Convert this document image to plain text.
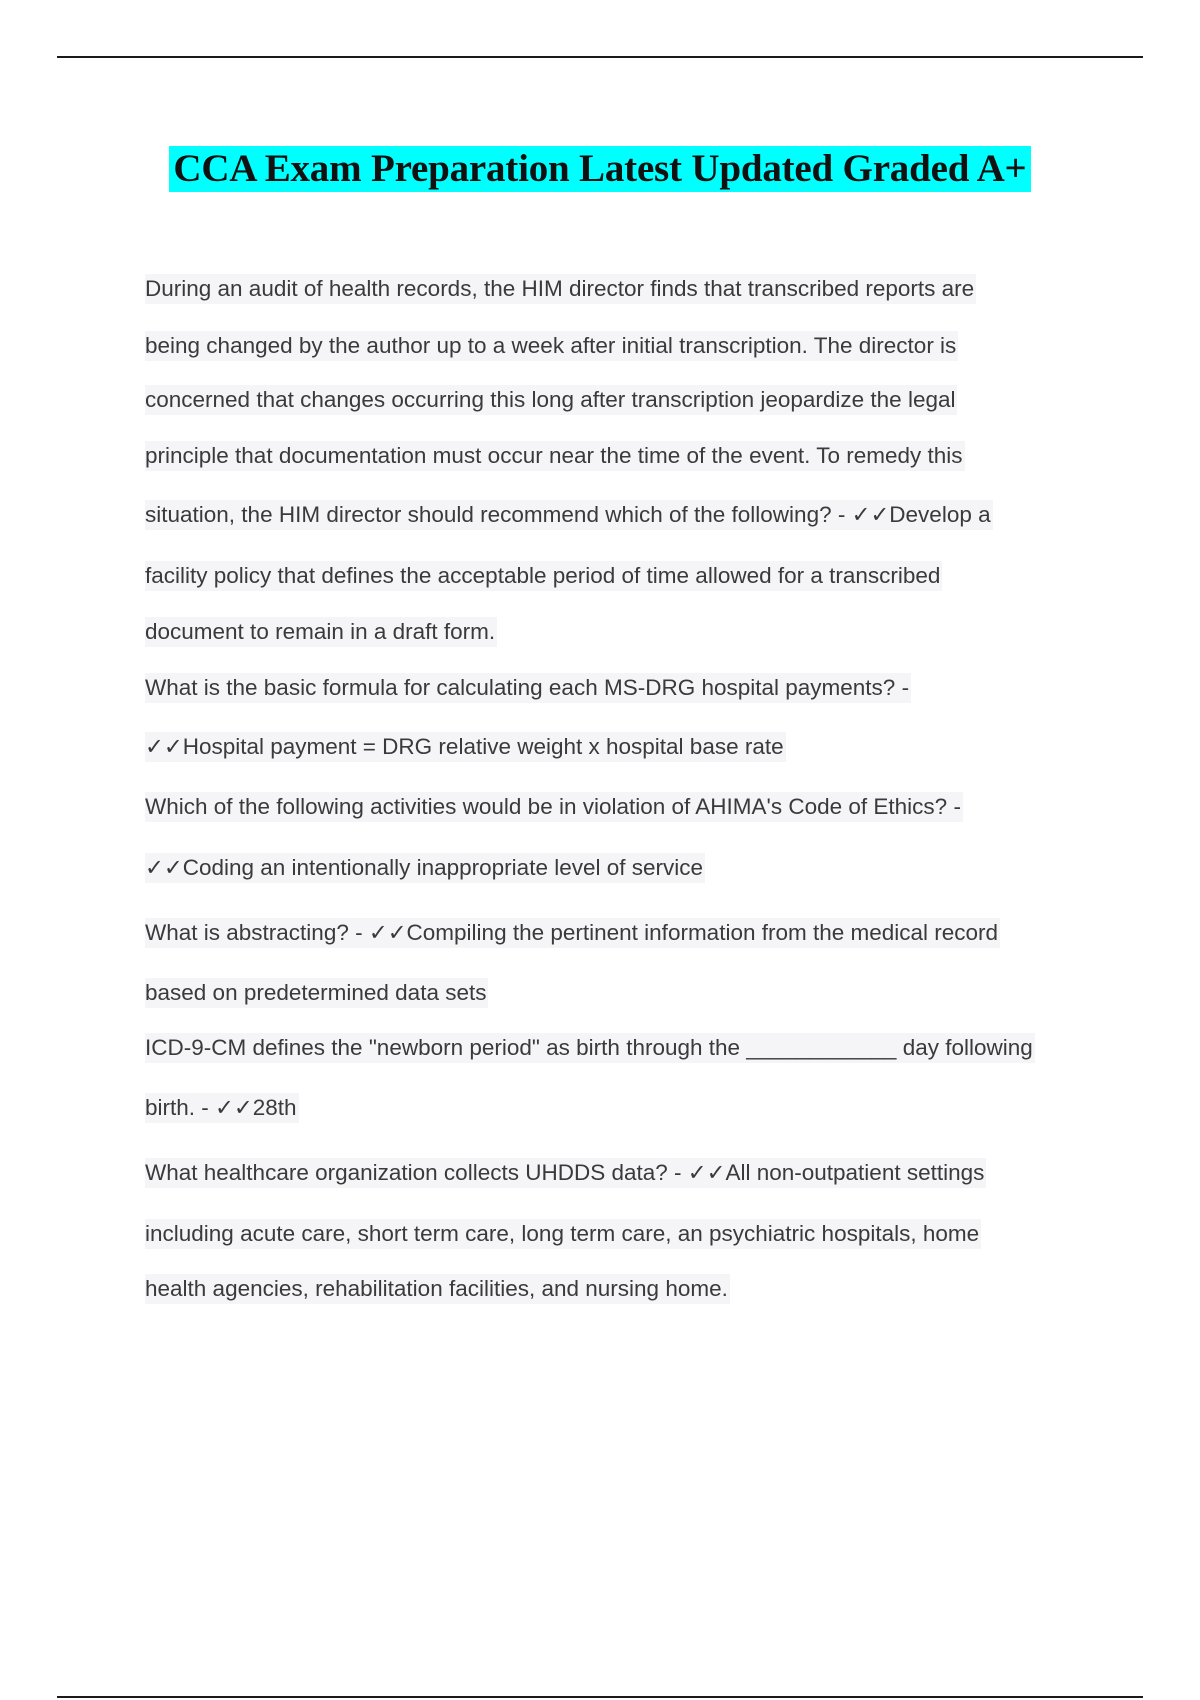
CCA Exam Preparation Latest Updated Graded A+
During an audit of health records, the HIM director finds that transcribed reports are
being changed by the author up to a week after initial transcription. The director is
concerned that changes occurring this long after transcription jeopardize the legal
principle that documentation must occur near the time of the event. To remedy this
situation, the HIM director should recommend which of the following? - ✓✓Develop a
facility policy that defines the acceptable period of time allowed for a transcribed
document to remain in a draft form.
What is the basic formula for calculating each MS-DRG hospital payments? -
✓✓Hospital payment = DRG relative weight x hospital base rate
Which of the following activities would be in violation of AHIMA's Code of Ethics? -
✓✓Coding an intentionally inappropriate level of service
What is abstracting? - ✓✓Compiling the pertinent information from the medical record
based on predetermined data sets
ICD-9-CM defines the "newborn period" as birth through the ____________ day following
birth. - ✓✓28th
What healthcare organization collects UHDDS data? - ✓✓All non-outpatient settings
including acute care, short term care, long term care, an psychiatric hospitals, home
health agencies, rehabilitation facilities, and nursing home.
